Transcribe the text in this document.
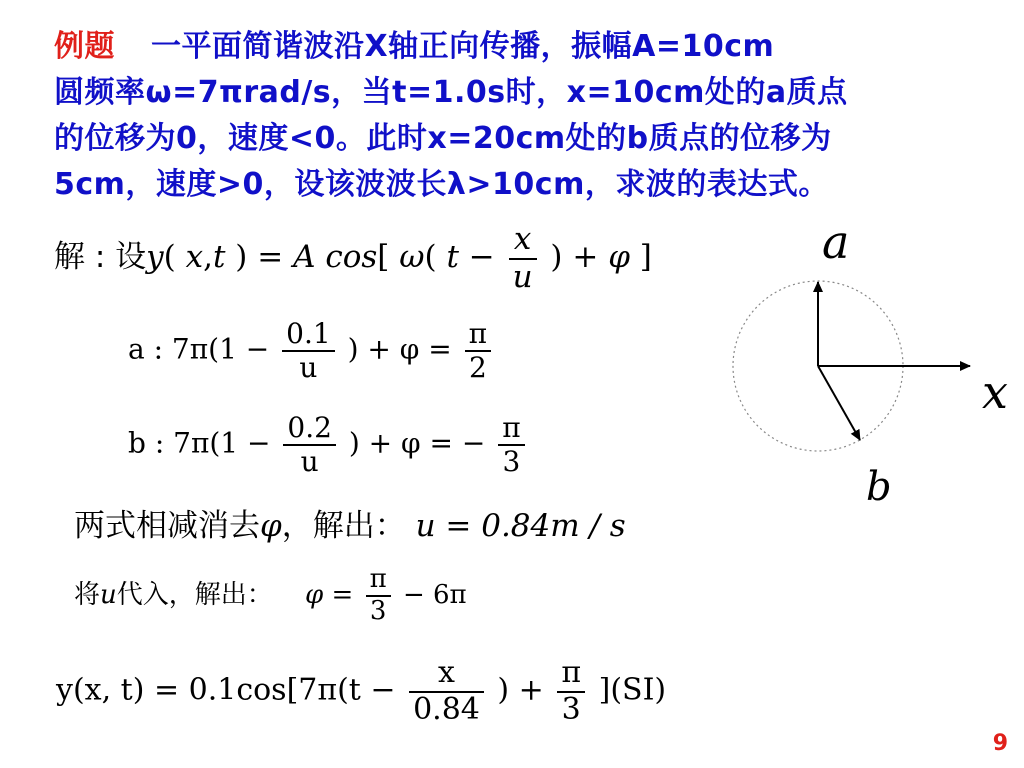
例题 一平面简谐波沿X轴正向传播，振幅A=10cm
圆频率ω=7πrad/s，当t=1.0s时，x=10cm处的a质点
的位移为0，速度<0。此时x=20cm处的b质点的位移为
5cm，速度>0，设该波波长λ>10cm，求波的表达式。
解 : 设y( x,t ) = A cos[ ω( $t - \frac{x}{u}$ ) + φ ]
a : $7\pi(1 - \frac{0.1}{u}$ ) + $\varphi = \frac{\pi}{2}$
b : $7\pi(1 - \frac{0.2}{u}$ ) + φ = − $\frac{\pi}{3}$
两式相减消去φ，解出： u = 0.84m / s
将u代入，解出： $\varphi = \frac{\pi}{3} - 6\pi$
y(x, $t) = 0.1\cos[7\pi(t - \frac{x}{0.84}$ ) + $\frac{\pi}{3} ](SI)$
a
x
b
9
